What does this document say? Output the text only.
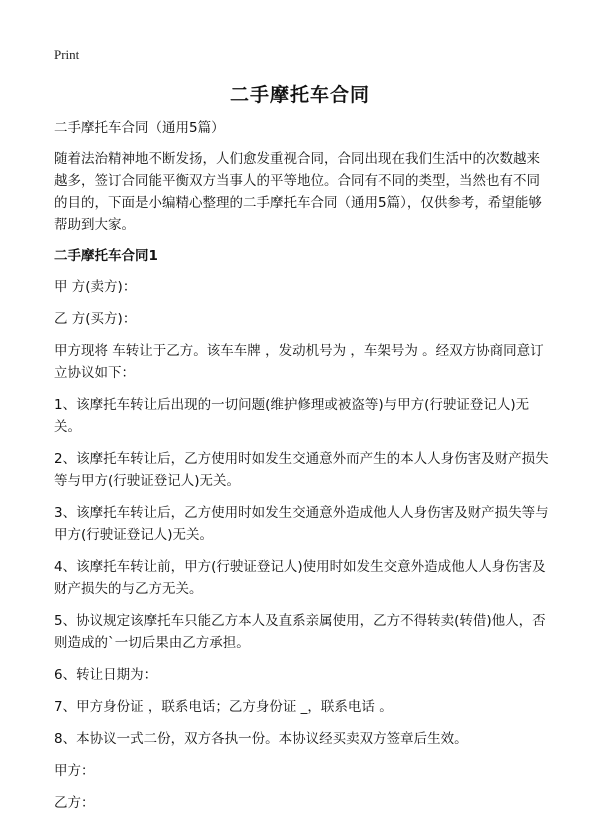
Print
二手摩托车合同

二手摩托车合同（通用5篇）

随着法治精神地不断发扬，人们愈发重视合同，合同出现在我们生活中的次数越来越多，签订合同能平衡双方当事人的平等地位。合同有不同的类型，当然也有不同的目的，下面是小编精心整理的二手摩托车合同（通用5篇），仅供参考，希望能够帮助到大家。

二手摩托车合同1

甲 方(卖方)：

乙 方(买方)：

甲方现将 车转让于乙方。该车车牌 ，发动机号为 ，车架号为 。经双方协商同意订立协议如下：

1、该摩托车转让后出现的一切问题(维护修理或被盗等)与甲方(行驶证登记人)无关。

2、该摩托车转让后，乙方使用时如发生交通意外而产生的本人人身伤害及财产损失等与甲方(行驶证登记人)无关。

3、该摩托车转让后，乙方使用时如发生交通意外造成他人人身伤害及财产损失等与甲方(行驶证登记人)无关。

4、该摩托车转让前，甲方(行驶证登记人)使用时如发生交意外造成他人人身伤害及财产损失的与乙方无关。

5、协议规定该摩托车只能乙方本人及直系亲属使用，乙方不得转卖(转借)他人，否则造成的`一切后果由乙方承担。

6、转让日期为：

7、甲方身份证 ，联系电话；乙方身份证 _，联系电话 。

8、本协议一式二份，双方各执一份。本协议经买卖双方签章后生效。

甲方：

乙方：
